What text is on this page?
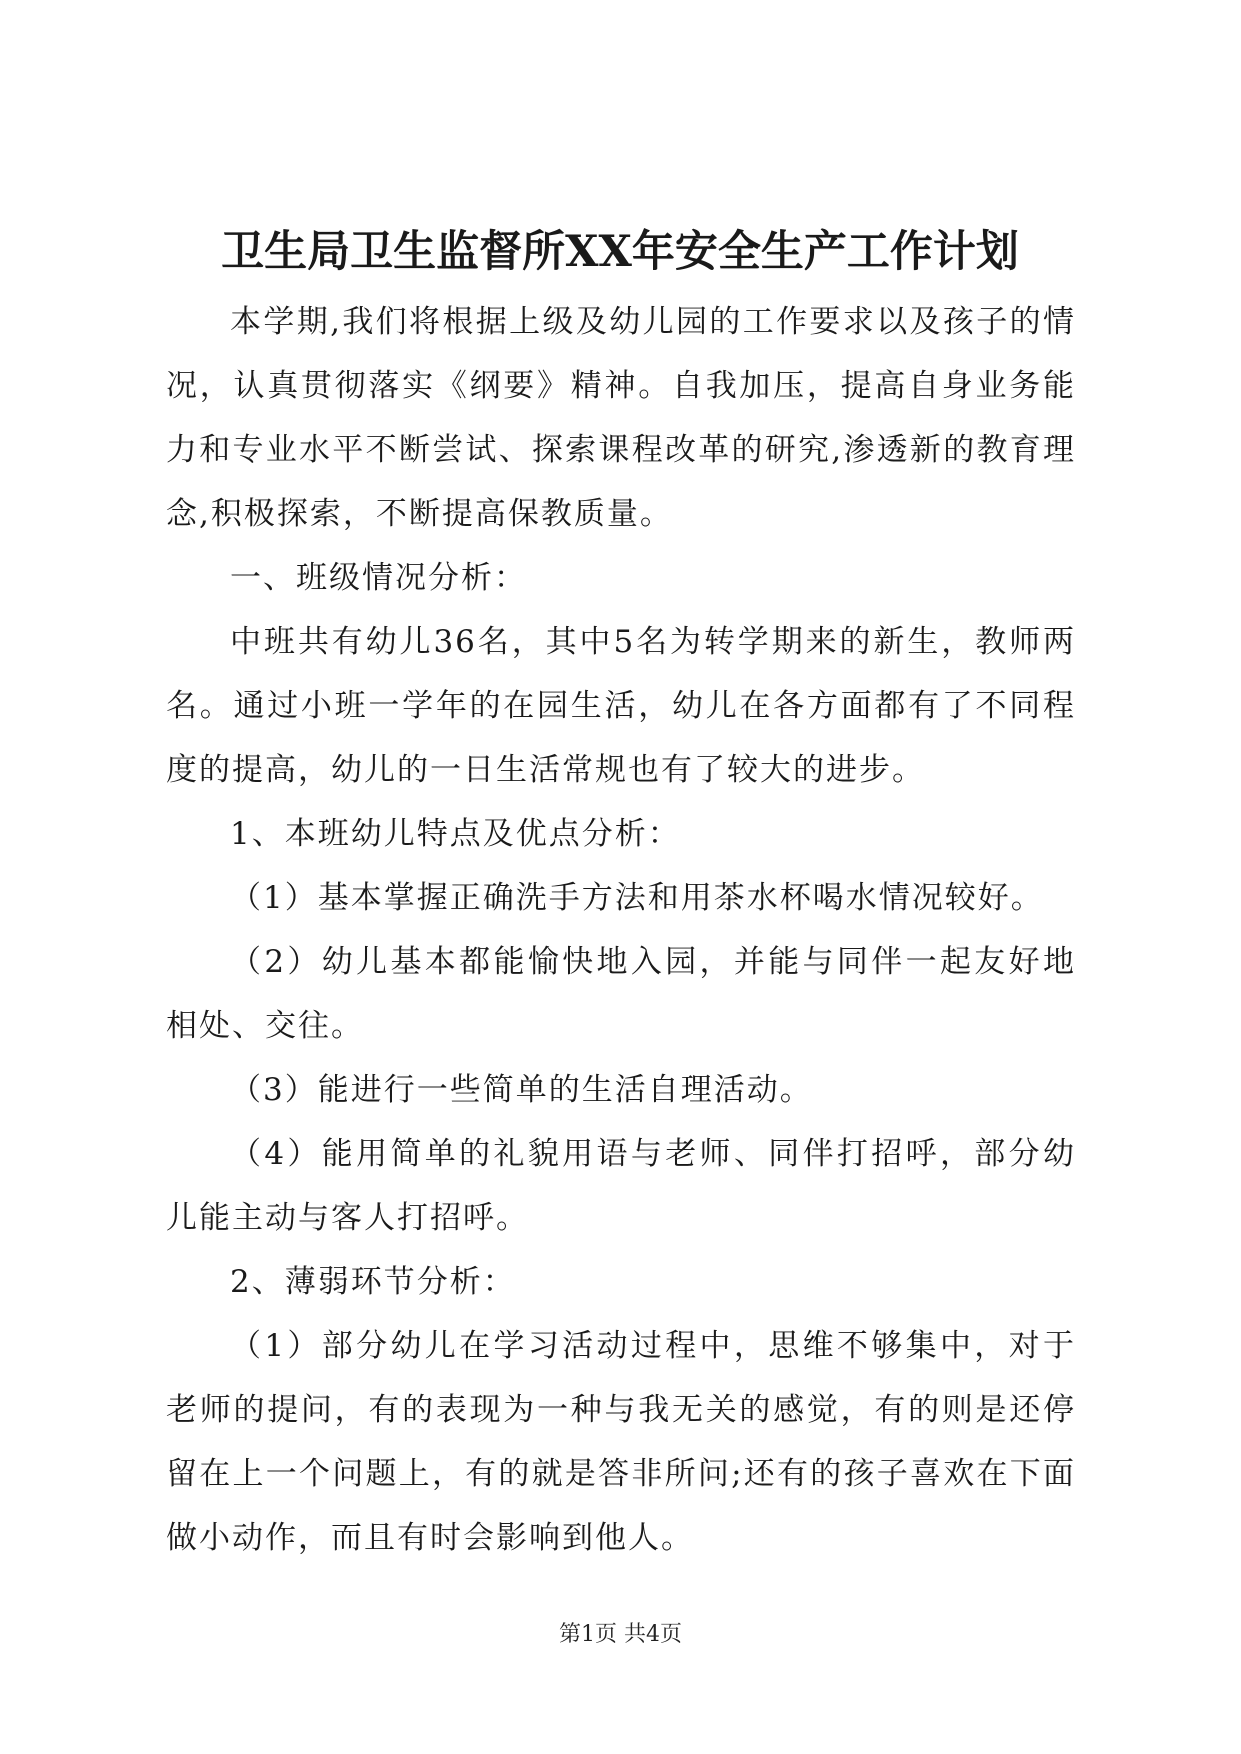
卫生局卫生监督所XX年安全生产工作计划

本学期,我们将根据上级及幼儿园的工作要求以及孩子的情况，认真贯彻落实《纲要》精神。自我加压，提高自身业务能力和专业水平不断尝试、探索课程改革的研究,渗透新的教育理念,积极探索，不断提高保教质量。

一、班级情况分析：

中班共有幼儿36名，其中5名为转学期来的新生，教师两名。通过小班一学年的在园生活，幼儿在各方面都有了不同程度的提高，幼儿的一日生活常规也有了较大的进步。

1、本班幼儿特点及优点分析：

（1）基本掌握正确洗手方法和用茶水杯喝水情况较好。

（2）幼儿基本都能愉快地入园，并能与同伴一起友好地相处、交往。

（3）能进行一些简单的生活自理活动。

（4）能用简单的礼貌用语与老师、同伴打招呼，部分幼儿能主动与客人打招呼。

2、薄弱环节分析：

（1）部分幼儿在学习活动过程中，思维不够集中，对于老师的提问，有的表现为一种与我无关的感觉，有的则是还停留在上一个问题上，有的就是答非所问;还有的孩子喜欢在下面做小动作，而且有时会影响到他人。

第1页 共4页
